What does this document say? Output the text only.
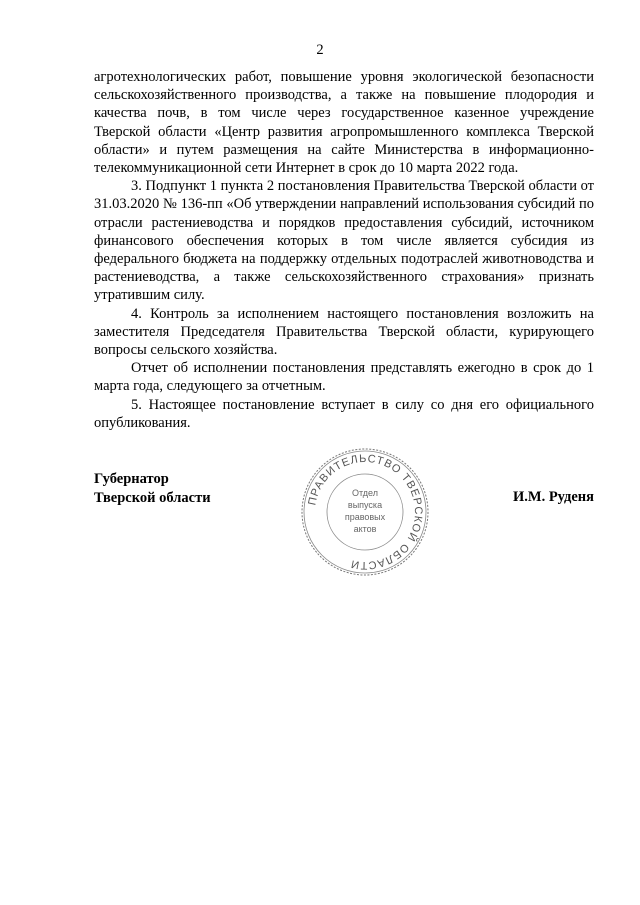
2

агротехнологических работ, повышение уровня экологической безопасности сельскохозяйственного производства, а также на повышение плодородия и качества почв, в том числе через государственное казенное учреждение Тверской области «Центр развития агропромышленного комплекса Тверской области» и путем размещения на сайте Министерства в информационно-телекоммуникационной сети Интернет в срок до 10 марта 2022 года.

3. Подпункт 1 пункта 2 постановления Правительства Тверской области от 31.03.2020 № 136-пп «Об утверждении направлений использования субсидий по отрасли растениеводства и порядков предоставления субсидий, источником финансового обеспечения которых в том числе является субсидия из федерального бюджета на поддержку отдельных подотраслей животноводства и растениеводства, а также сельскохозяйственного страхования» признать утратившим силу.

4. Контроль за исполнением настоящего постановления возложить на заместителя Председателя Правительства Тверской области, курирующего вопросы сельского хозяйства.

Отчет об исполнении постановления представлять ежегодно в срок до 1 марта года, следующего за отчетным.

5. Настоящее постановление вступает в силу со дня его официального опубликования.

Губернатор
Тверской области	И.М. Руденя
ПРАВИТЕЛЬСТВО ТВЕРСКОЙ ОБЛАСТИ
Отдел
выпуска
правовых
актов
